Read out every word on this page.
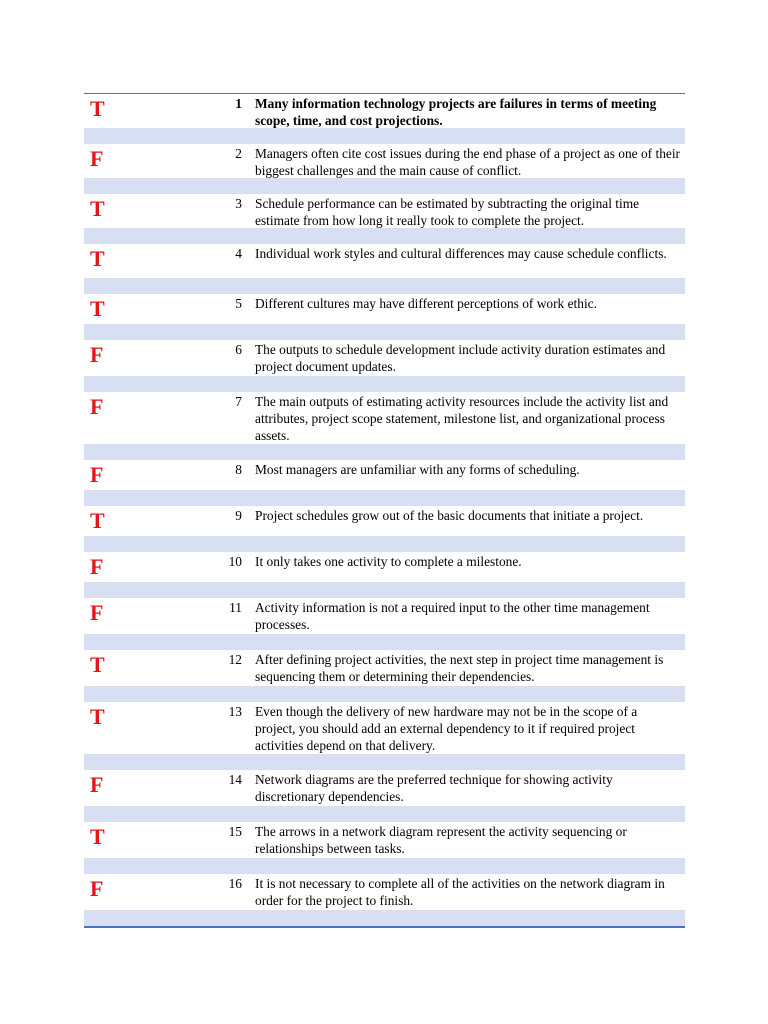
T	1 Many information technology projects are failures in terms of meeting scope, time, and cost projections.
F	2 Managers often cite cost issues during the end phase of a project as one of their biggest challenges and the main cause of conflict.
T	3 Schedule performance can be estimated by subtracting the original time estimate from how long it really took to complete the project.
T	4 Individual work styles and cultural differences may cause schedule conflicts.
T	5 Different cultures may have different perceptions of work ethic.
F	6 The outputs to schedule development include activity duration estimates and project document updates.
F	7 The main outputs of estimating activity resources include the activity list and attributes, project scope statement, milestone list, and organizational process assets.
F	8 Most managers are unfamiliar with any forms of scheduling.
T	9 Project schedules grow out of the basic documents that initiate a project.
F	10 It only takes one activity to complete a milestone.
F	11 Activity information is not a required input to the other time management processes.
T	12 After defining project activities, the next step in project time management is sequencing them or determining their dependencies.
T	13 Even though the delivery of new hardware may not be in the scope of a project, you should add an external dependency to it if required project activities depend on that delivery.
F	14 Network diagrams are the preferred technique for showing activity discretionary dependencies.
T	15 The arrows in a network diagram represent the activity sequencing or relationships between tasks.
F	16 It is not necessary to complete all of the activities on the network diagram in order for the project to finish.
